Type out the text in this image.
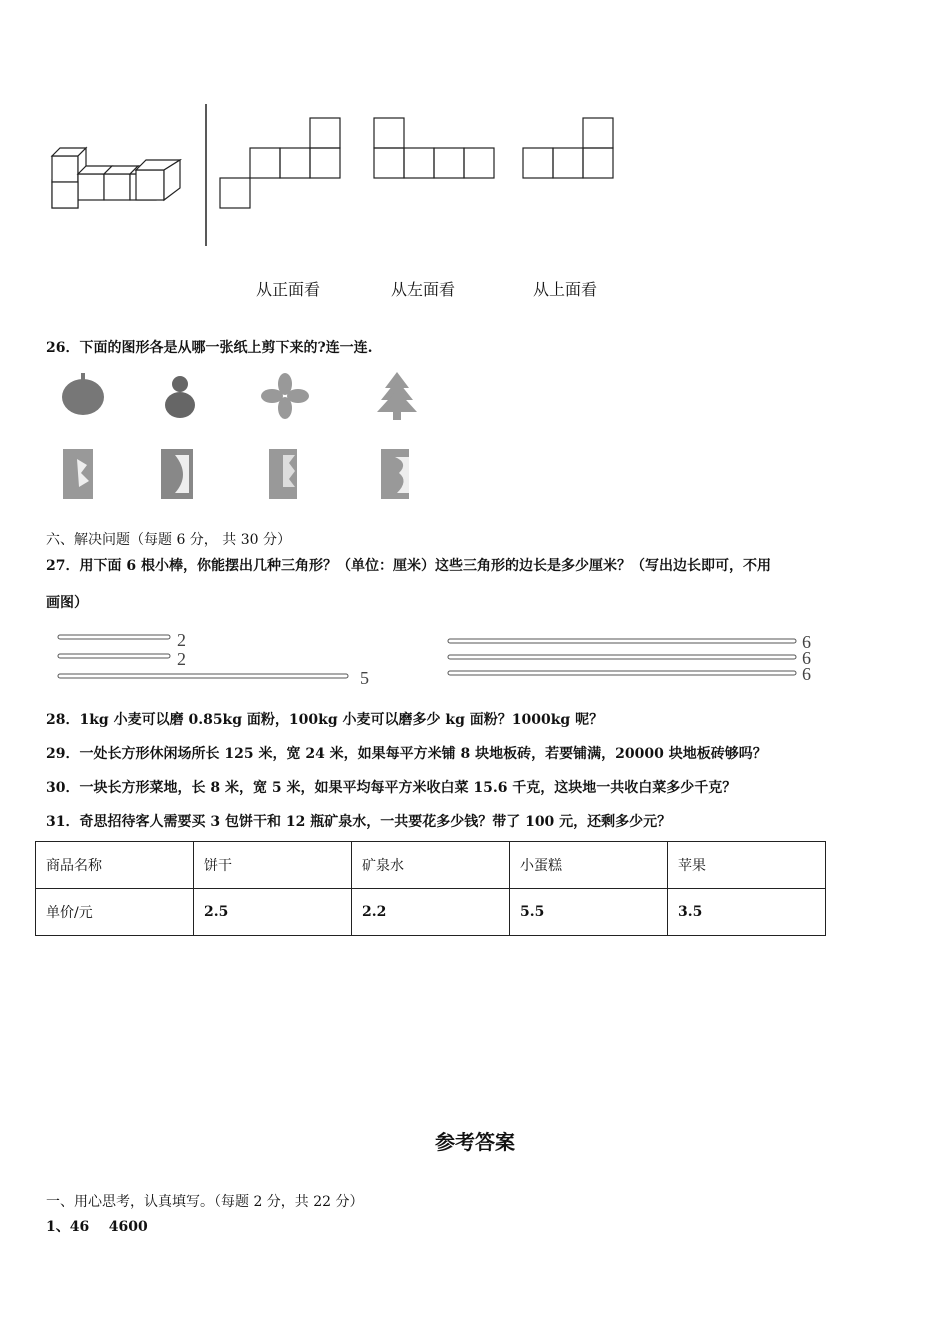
从正面看	从左面看	从上面看
26．下面的图形各是从哪一张纸上剪下来的?连一连.
六、解决问题（每题 6 分， 共 30 分）
27．用下面 6 根小棒，你能摆出几种三角形？（单位：厘米）这些三角形的边长是多少厘米？（写出边长即可，不用
画图）
2
2
5
6
6
6
28．1kg 小麦可以磨 0.85kg 面粉，100kg 小麦可以磨多少 kg 面粉？1000kg 呢？
29．一处长方形休闲场所长 125 米，宽 24 米，如果每平方米铺 8 块地板砖，若要铺满，20000 块地板砖够吗？
30．一块长方形菜地，长 8 米，宽 5 米，如果平均每平方米收白菜 15.6 千克，这块地一共收白菜多少千克？
31．奇思招待客人需要买 3 包饼干和 12 瓶矿泉水，一共要花多少钱？带了 100 元，还剩多少元？
商品名称	饼干	矿泉水	小蛋糕	苹果
单价/元	2.5	2.2	5.5	3.5
参考答案
一、用心思考，认真填写。（每题 2 分，共 22 分）
1、46    4600
